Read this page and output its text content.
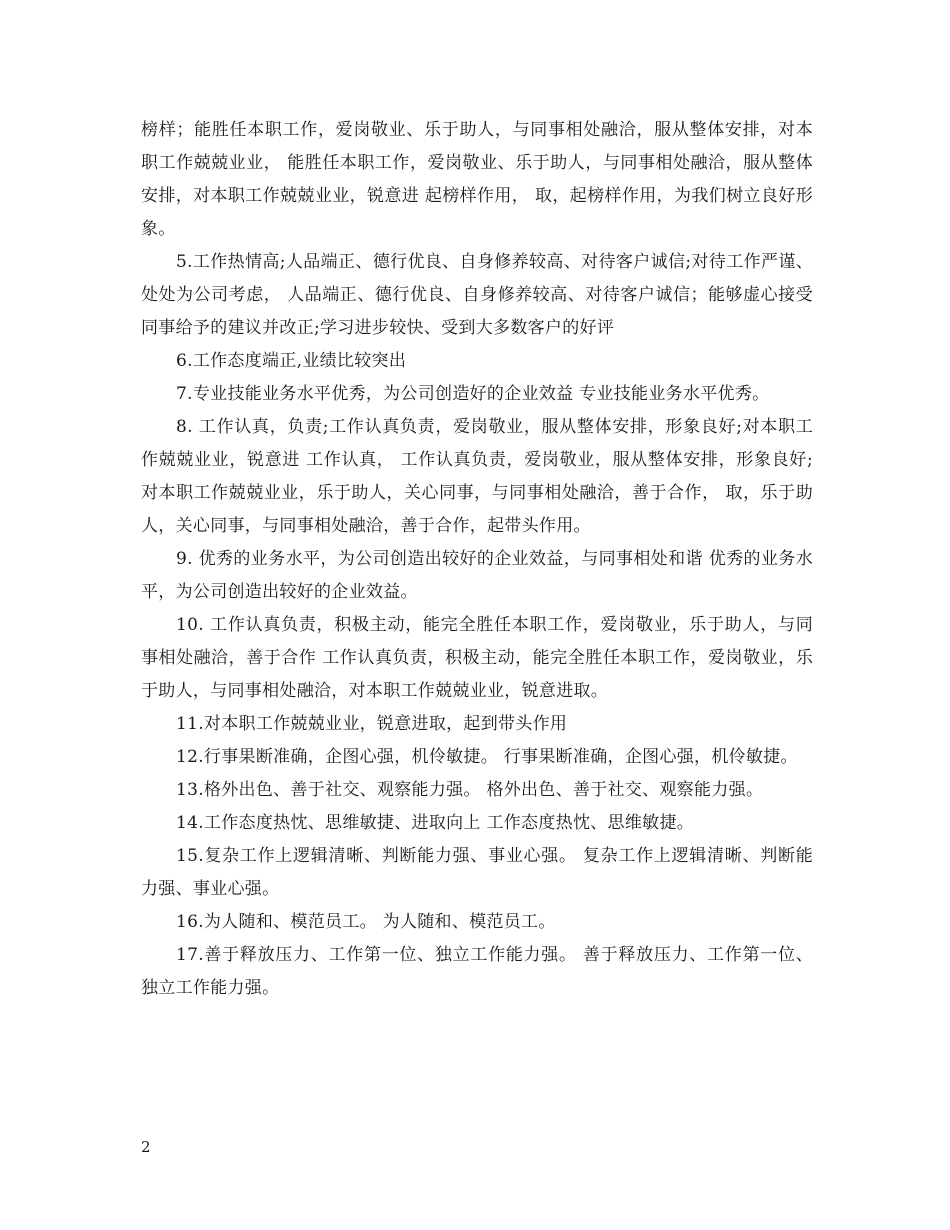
榜样；能胜任本职工作，爱岗敬业、乐于助人，与同事相处融洽，服从整体安排，对本职工作兢兢业业， 能胜任本职工作，爱岗敬业、乐于助人，与同事相处融洽，服从整体安排，对本职工作兢兢业业，锐意进 起榜样作用， 取，起榜样作用，为我们树立良好形象。

5.工作热情高;人品端正、德行优良、自身修养较高、对待客户诚信;对待工作严谨、处处为公司考虑， 人品端正、德行优良、自身修养较高、对待客户诚信；能够虚心接受同事给予的建议并改正;学习进步较快、受到大多数客户的好评

6.工作态度端正,业绩比较突出

7.专业技能业务水平优秀，为公司创造好的企业效益 专业技能业务水平优秀。

8. 工作认真，负责;工作认真负责，爱岗敬业，服从整体安排，形象良好;对本职工作兢兢业业，锐意进 工作认真， 工作认真负责，爱岗敬业，服从整体安排，形象良好;对本职工作兢兢业业，乐于助人，关心同事，与同事相处融洽，善于合作， 取，乐于助人，关心同事，与同事相处融洽，善于合作，起带头作用。

9. 优秀的业务水平，为公司创造出较好的企业效益，与同事相处和谐 优秀的业务水平，为公司创造出较好的企业效益。

10. 工作认真负责，积极主动，能完全胜任本职工作，爱岗敬业，乐于助人，与同事相处融洽，善于合作 工作认真负责，积极主动，能完全胜任本职工作，爱岗敬业，乐于助人，与同事相处融洽，对本职工作兢兢业业，锐意进取。

11.对本职工作兢兢业业，锐意进取，起到带头作用

12.行事果断准确，企图心强，机伶敏捷。 行事果断准确，企图心强，机伶敏捷。

13.格外出色、善于社交、观察能力强。 格外出色、善于社交、观察能力强。

14.工作态度热忱、思维敏捷、进取向上 工作态度热忱、思维敏捷。

15.复杂工作上逻辑清晰、判断能力强、事业心强。 复杂工作上逻辑清晰、判断能力强、事业心强。

16.为人随和、模范员工。 为人随和、模范员工。

17.善于释放压力、工作第一位、独立工作能力强。 善于释放压力、工作第一位、独立工作能力强。

2
